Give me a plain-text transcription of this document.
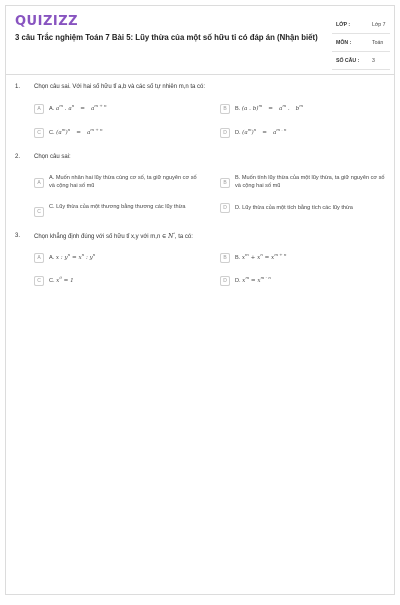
QUIZIZZ
3 câu Trắc nghiệm Toán 7 Bài 5: Lũy thừa của một số hữu tỉ có đáp án (Nhận biết)
LỚP :	Lớp 7
MÔN :	Toán
SỐ CÂU : 3
1. Chọn câu sai. Với hai số hữu tỉ a,b và các số tự nhiên m,n ta có:
A	A. $a^m$ . $a^n= a^{m + n}$
B	B. (a . $b)^m= a^m$ . $b^m$
C	C. $(a^m)^n= a^{m + n}$
D	D. $(a^m)^n= a^{m . n}$
2. Chọn câu sai:
A
A. Muốn nhân hai lũy thừa cùng cơ số, ta giữ nguyên cơ số và cộng hai số mũ	B
B. Muốn tính lũy thừa của một lũy thừa, ta giữ nguyên cơ số và cộng hai số mũ
C
C. Lũy thừa của một thương bằng thương các lũy thừa	D	D. Lũy thừa của một tích bằng tích các lũy thừa
3. Chọn khẳng định đúng với số hữu tỉ x,y với m,n ∈ N*, ta có:
A	A. x : $y^n = x^n$ : $y^n$
B	B. $x^m + x^n = x^{m + n}$
C	C. $x^0 = 1$	D	D. $x^m = x^{m - n}$
